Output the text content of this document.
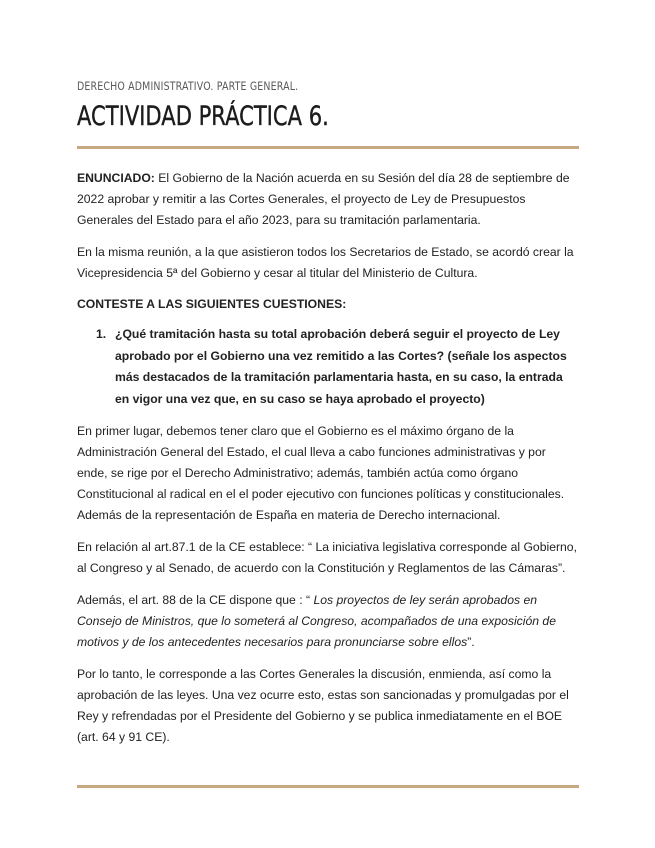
DERECHO ADMINISTRATIVO. PARTE GENERAL.
ACTIVIDAD PRÁCTICA 6.

ENUNCIADO: El Gobierno de la Nación acuerda en su Sesión del día 28 de septiembre de 2022 aprobar y remitir a las Cortes Generales, el proyecto de Ley de Presupuestos Generales del Estado para el año 2023, para su tramitación parlamentaria.

En la misma reunión, a la que asistieron todos los Secretarios de Estado, se acordó crear la Vicepresidencia 5ª del Gobierno y cesar al titular del Ministerio de Cultura.

CONTESTE A LAS SIGUIENTES CUESTIONES:
1. ¿Qué tramitación hasta su total aprobación deberá seguir el proyecto de Ley aprobado por el Gobierno una vez remitido a las Cortes? (señale los aspectos más destacados de la tramitación parlamentaria hasta, en su caso, la entrada en vigor una vez que, en su caso se haya aprobado el proyecto)

En primer lugar, debemos tener claro que el Gobierno es el máximo órgano de la Administración General del Estado, el cual lleva a cabo funciones administrativas y por ende, se rige por el Derecho Administrativo; además, también actúa como órgano Constitucional al radical en el el poder ejecutivo con funciones políticas y constitucionales. Además de la representación de España en materia de Derecho internacional.

En relación al art.87.1 de la CE establece: “ La iniciativa legislativa corresponde al Gobierno, al Congreso y al Senado, de acuerdo con la Constitución y Reglamentos de las Cámaras”.

Además, el art. 88 de la CE dispone que : “ Los proyectos de ley serán aprobados en Consejo de Ministros, que lo someterá al Congreso, acompañados de una exposición de motivos y de los antecedentes necesarios para pronunciarse sobre ellos”.

Por lo tanto, le corresponde a las Cortes Generales la discusión, enmienda, así como la aprobación de las leyes. Una vez ocurre esto, estas son sancionadas y promulgadas por el Rey y refrendadas por el Presidente del Gobierno y se publica inmediatamente en el BOE (art. 64 y 91 CE).
